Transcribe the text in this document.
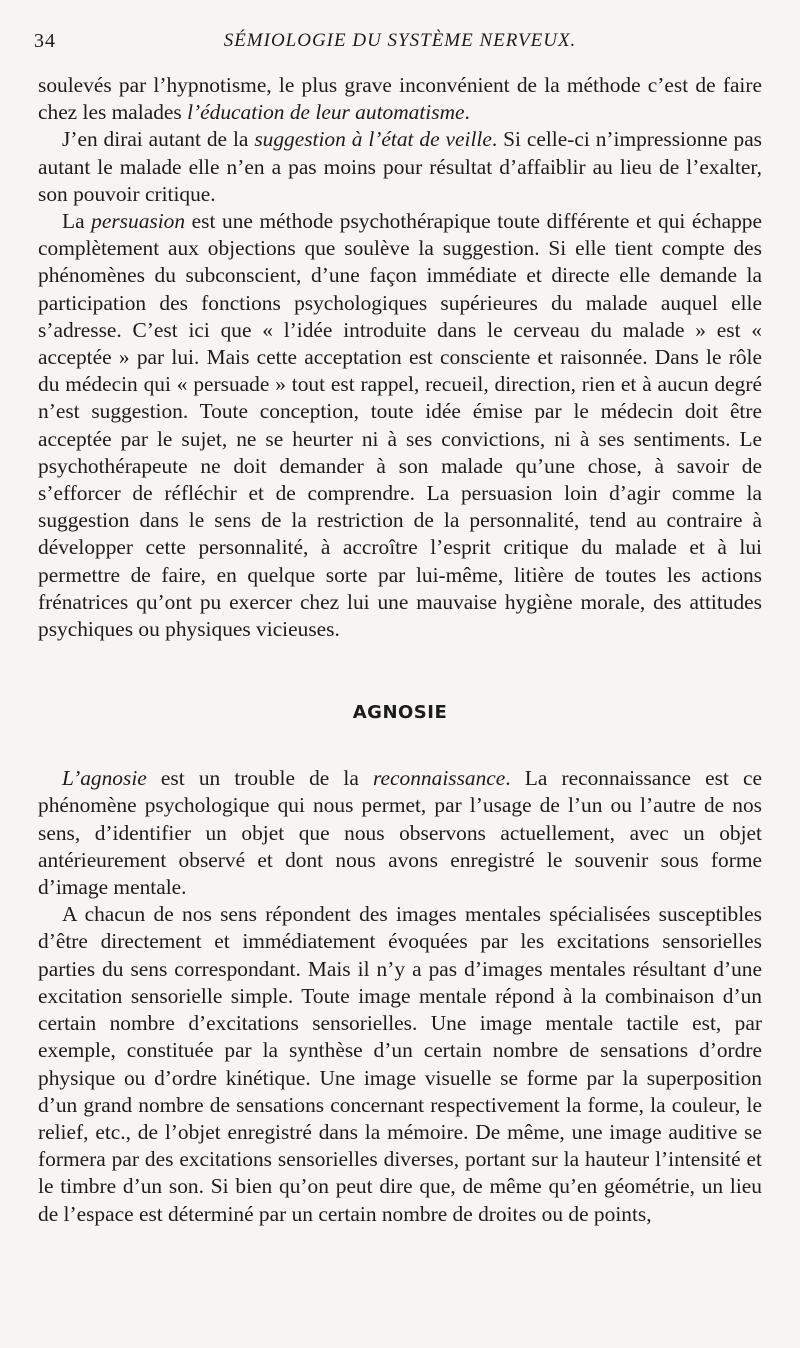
34	SÉMIOLOGIE DU SYSTÈME NERVEUX.

soulevés par l’hypnotisme, le plus grave inconvénient de la méthode c’est de faire chez les malades l’éducation de leur automatisme.

J’en dirai autant de la suggestion à l’état de veille. Si celle-ci n’impressionne pas autant le malade elle n’en a pas moins pour résultat d’affaiblir au lieu de l’exalter, son pouvoir critique.

La persuasion est une méthode psychothérapique toute différente et qui échappe complètement aux objections que soulève la suggestion. Si elle tient compte des phénomènes du subconscient, d’une façon immédiate et directe elle demande la participation des fonctions psychologiques supérieures du malade auquel elle s’adresse. C’est ici que « l’idée introduite dans le cerveau du malade » est « acceptée » par lui. Mais cette acceptation est consciente et raisonnée. Dans le rôle du médecin qui « persuade » tout est rappel, recueil, direction, rien et à aucun degré n’est suggestion. Toute conception, toute idée émise par le médecin doit être acceptée par le sujet, ne se heurter ni à ses convictions, ni à ses sentiments. Le psychothérapeute ne doit demander à son malade qu’une chose, à savoir de s’efforcer de réfléchir et de comprendre. La persuasion loin d’agir comme la suggestion dans le sens de la restriction de la personnalité, tend au contraire à développer cette personnalité, à accroître l’esprit critique du malade et à lui permettre de faire, en quelque sorte par lui-même, litière de toutes les actions frénatrices qu’ont pu exercer chez lui une mauvaise hygiène morale, des attitudes psychiques ou physiques vicieuses.

AGNOSIE

L’agnosie est un trouble de la reconnaissance. La reconnaissance est ce phénomène psychologique qui nous permet, par l’usage de l’un ou l’autre de nos sens, d’identifier un objet que nous observons actuellement, avec un objet antérieurement observé et dont nous avons enregistré le souvenir sous forme d’image mentale.

A chacun de nos sens répondent des images mentales spécialisées susceptibles d’être directement et immédiatement évoquées par les excitations sensorielles parties du sens correspondant. Mais il n’y a pas d’images mentales résultant d’une excitation sensorielle simple. Toute image mentale répond à la combinaison d’un certain nombre d’excitations sensorielles. Une image mentale tactile est, par exemple, constituée par la synthèse d’un certain nombre de sensations d’ordre physique ou d’ordre kinétique. Une image visuelle se forme par la superposition d’un grand nombre de sensations concernant respectivement la forme, la couleur, le relief, etc., de l’objet enregistré dans la mémoire. De même, une image auditive se formera par des excitations sensorielles diverses, portant sur la hauteur l’intensité et le timbre d’un son. Si bien qu’on peut dire que, de même qu’en géométrie, un lieu de l’espace est déterminé par un certain nombre de droites ou de points,
